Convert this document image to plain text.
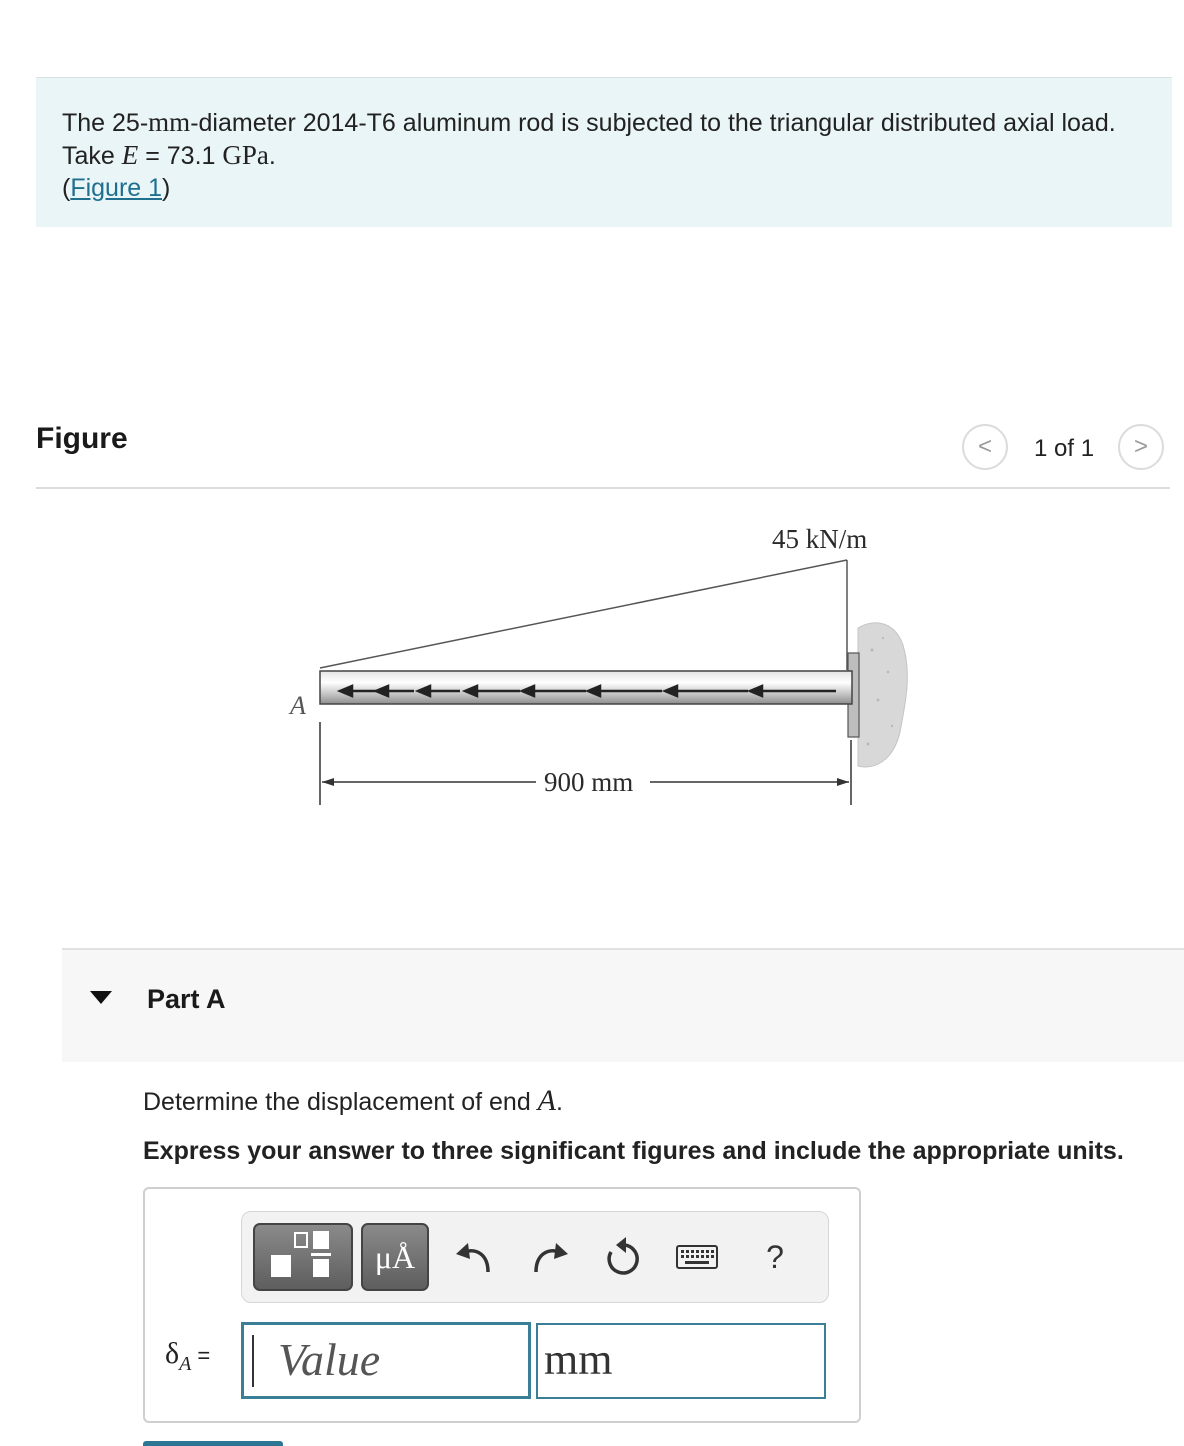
The 25-mm-diameter 2014-T6 aluminum rod is subjected to the triangular distributed axial load. Take E = 73.1 GPa.
(Figure 1)
Figure	<	1 of 1	>
45 kN/m
A
900 mm
Part A
Determine the displacement of end A.
Express your answer to three significant figures and include the appropriate units.
μÅ	?
$\delta_A$ =	Value	mm
